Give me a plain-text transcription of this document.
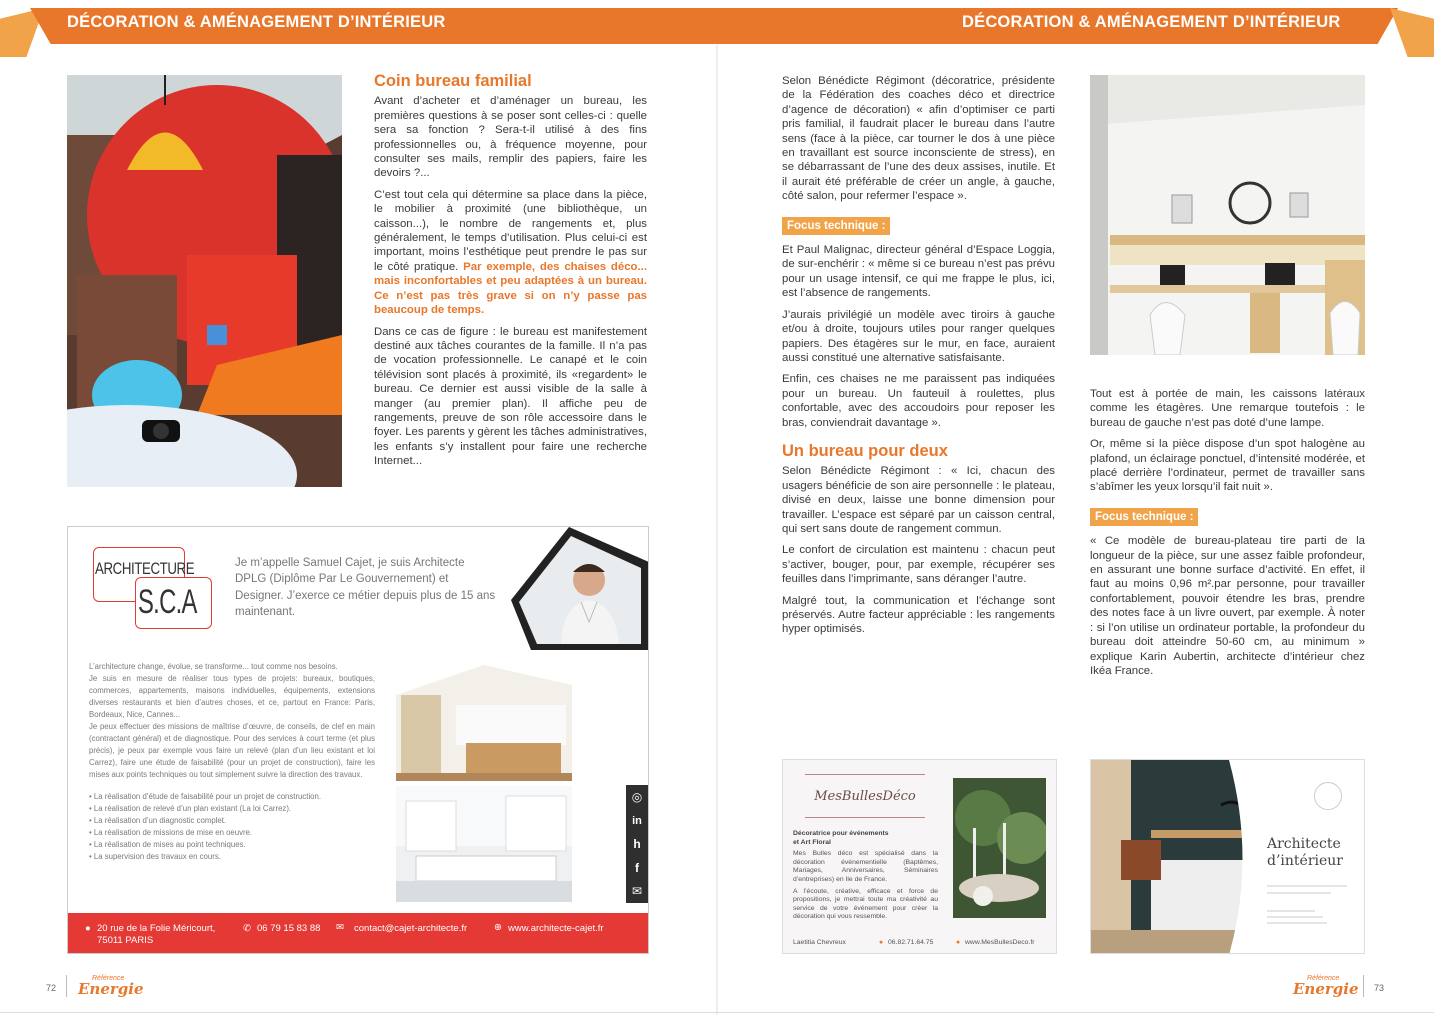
DÉCORATION & AMÉNAGEMENT D’INTÉRIEUR	DÉCORATION & AMÉNAGEMENT D’INTÉRIEUR
Coin bureau familial

Avant d’acheter et d’aménager un bureau, les premières questions à se poser sont celles-ci : quelle sera sa fonction ? Sera-t-il utilisé à des fins professionnelles ou, à fréquence moyenne, pour consulter ses mails, remplir des papiers, faire les devoirs ?...

C’est tout cela qui détermine sa place dans la pièce, le mobilier à proximité (une bibliothèque, un caisson...), le nombre de rangements et, plus généralement, le temps d’utilisation. Plus celui-ci est important, moins l’esthétique peut prendre le pas sur le côté pratique. Par exemple, des chaises déco... mais inconfortables et peu adaptées à un bureau. Ce n’est pas très grave si on n’y passe pas beaucoup de temps.

Dans ce cas de figure : le bureau est manifestement destiné aux tâches courantes de la famille. Il n’a pas de vocation professionnelle. Le canapé et le coin télévision sont placés à proximité, ils «regardent» le bureau. Ce dernier est aussi visible de la salle à manger (au premier plan). Il affiche peu de rangements, preuve de son rôle accessoire dans le foyer. Les parents y gèrent les tâches administratives, les enfants s’y installent pour faire une recherche Internet...

ARCHITECTURE
S.C.A
Je m’appelle Samuel Cajet, je suis Architecte DPLG (Diplôme Par Le Gouvernement) et Designer. J’exerce ce métier depuis plus de 15 ans maintenant.
L’architecture change, évolue, se transforme... tout comme nos besoins.
Je suis en mesure de réaliser tous types de projets: bureaux, boutiques, commerces, appartements, maisons individuelles, équipements, extensions diverses restaurants et bien d’autres choses, et ce, partout en France: Paris, Bordeaux, Nice, Cannes...
Je peux effectuer des missions de maîtrise d’œuvre, de conseils, de clef en main (contractant général) et de diagnostique. Pour des services à court terme (et plus précis), je peux par exemple vous faire un relevé (plan d’un lieu existant et loi Carrez), faire une étude de faisabilité (pour un projet de construction), faire les mises aux points techniques ou tout simplement suivre la direction des travaux.
• La réalisation d’étude de faisabilité pour un projet de construction.
• La réalisation de relevé d’un plan existant (La loi Carrez).
• La réalisation d’un diagnostic complet.
• La réalisation de missions de mise en oeuvre.
• La réalisation de mises au point techniques.
• La supervision des travaux en cours.
◎
in
h
f
✉
● 20 rue de la Folie Méricourt,
75011 PARIS
✆ 06 79 15 83 88 ✉ contact@cajet-architecte.fr	⊕ www.architecte-cajet.fr

Selon Bénédicte Régimont (décoratrice, présidente de la Fédération des coaches déco et directrice d’agence de décoration) « afin d’optimiser ce parti pris familial, il faudrait placer le bureau dans l’autre sens (face à la pièce, car tourner le dos à une pièce en travaillant est source inconsciente de stress), en se débarrassant de l’une des deux assises, inutile. Et il aurait été préférable de créer un angle, à gauche, côté salon, pour refermer l’espace ».

Focus technique :

Et Paul Malignac, directeur général d’Espace Loggia, de sur-enchérir : « même si ce bureau n’est pas prévu pour un usage intensif, ce qui me frappe le plus, ici, est l’absence de rangements.

J’aurais privilégié un modèle avec tiroirs à gauche et/ou à droite, toujours utiles pour ranger quelques papiers. Des étagères sur le mur, en face, auraient aussi constitué une alternative satisfaisante.

Enfin, ces chaises ne me paraissent pas indiquées pour un bureau. Un fauteuil à roulettes, plus confortable, avec des accoudoirs pour reposer les bras, conviendrait davantage ».

Un bureau pour deux

Selon Bénédicte Régimont : « Ici, chacun des usagers bénéficie de son aire personnelle : le plateau, divisé en deux, laisse une bonne dimension pour travailler. L’espace est séparé par un caisson central, qui sert sans doute de rangement commun.

Le confort de circulation est maintenu : chacun peut s’activer, bouger, pour, par exemple, récupérer ses feuilles dans l’imprimante, sans déranger l’autre.

Malgré tout, la communication et l’échange sont préservés. Autre facteur appréciable : les rangements hyper optimisés.

Tout est à portée de main, les caissons latéraux comme les étagères. Une remarque toutefois : le bureau de gauche n’est pas doté d’une lampe.

Or, même si la pièce dispose d’un spot halogène au plafond, un éclairage ponctuel, d’intensité modérée, et placé derrière l’ordinateur, permet de travailler sans s’abîmer les yeux lorsqu’il fait nuit ».

Focus technique :

« Ce modèle de bureau-plateau tire parti de la longueur de la pièce, sur une assez faible profondeur, en assurant une bonne surface d’activité. En effet, il faut au moins 0,96 m².par personne, pour travailler confortablement, pouvoir étendre les bras, prendre des notes face à un livre ouvert, par exemple. À noter : si l’on utilise un ordinateur portable, la profondeur du bureau doit atteindre 50-60 cm, au minimum » explique Karin Aubertin, architecte d’intérieur chez Ikéa France.

MesBullesDéco
Décoratrice pour événements
et Art Floral
Mes Bulles déco est spécialisé dans la décoration événementielle (Baptêmes, Mariages, Anniversaires, Séminaires d’entreprises) en Ile de France.
A l’écoute, créative, efficace et force de propositions, je mettrai toute ma créativité au service de votre événement pour créer la décoration qui vous ressemble.
Laetitia Chevreux	● 06.82.71.64.75	● www.MesBullesDeco.fr
Architecte
d’intérieur
72
Référence
Energie
Référence
Energie 73
